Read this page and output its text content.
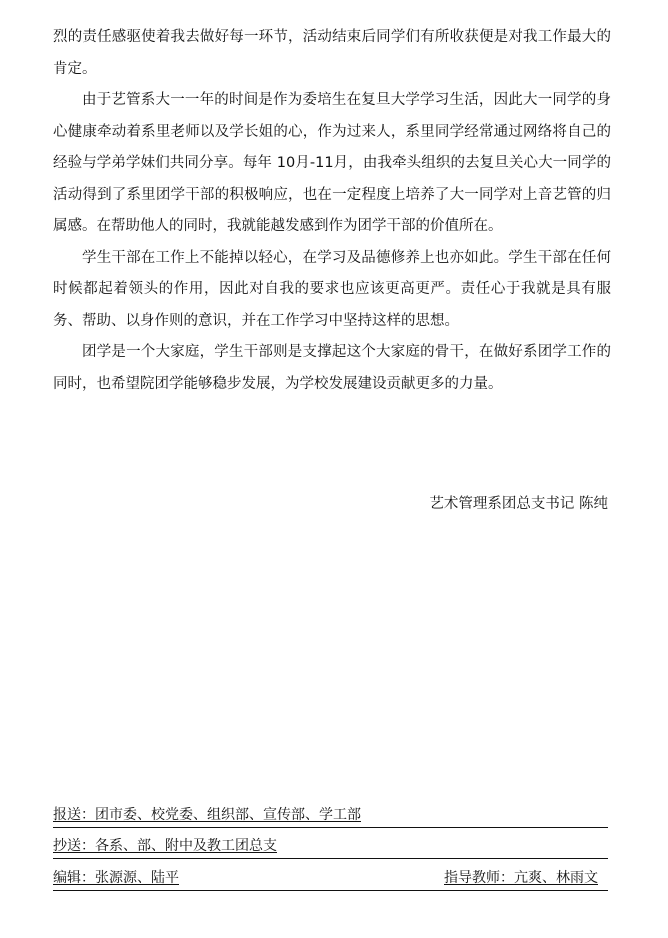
烈的责任感驱使着我去做好每一环节，活动结束后同学们有所收获便是对我工作最大的肯定。

由于艺管系大一一年的时间是作为委培生在复旦大学学习生活，因此大一同学的身心健康牵动着系里老师以及学长姐的心，作为过来人，系里同学经常通过网络将自己的经验与学弟学妹们共同分享。每年 10月-11月，由我牵头组织的去复旦关心大一同学的活动得到了系里团学干部的积极响应，也在一定程度上培养了大一同学对上音艺管的归属感。在帮助他人的同时，我就能越发感到作为团学干部的价值所在。

学生干部在工作上不能掉以轻心，在学习及品德修养上也亦如此。学生干部在任何时候都起着领头的作用，因此对自我的要求也应该更高更严。责任心于我就是具有服务、帮助、以身作则的意识，并在工作学习中坚持这样的思想。

团学是一个大家庭，学生干部则是支撑起这个大家庭的骨干，在做好系团学工作的同时，也希望院团学能够稳步发展，为学校发展建设贡献更多的力量。

艺术管理系团总支书记 陈纯
报送：团市委、校党委、组织部、宣传部、学工部
抄送：各系、部、附中及教工团总支
编辑：张源源、陆平	指导教师：亢爽、林雨文
